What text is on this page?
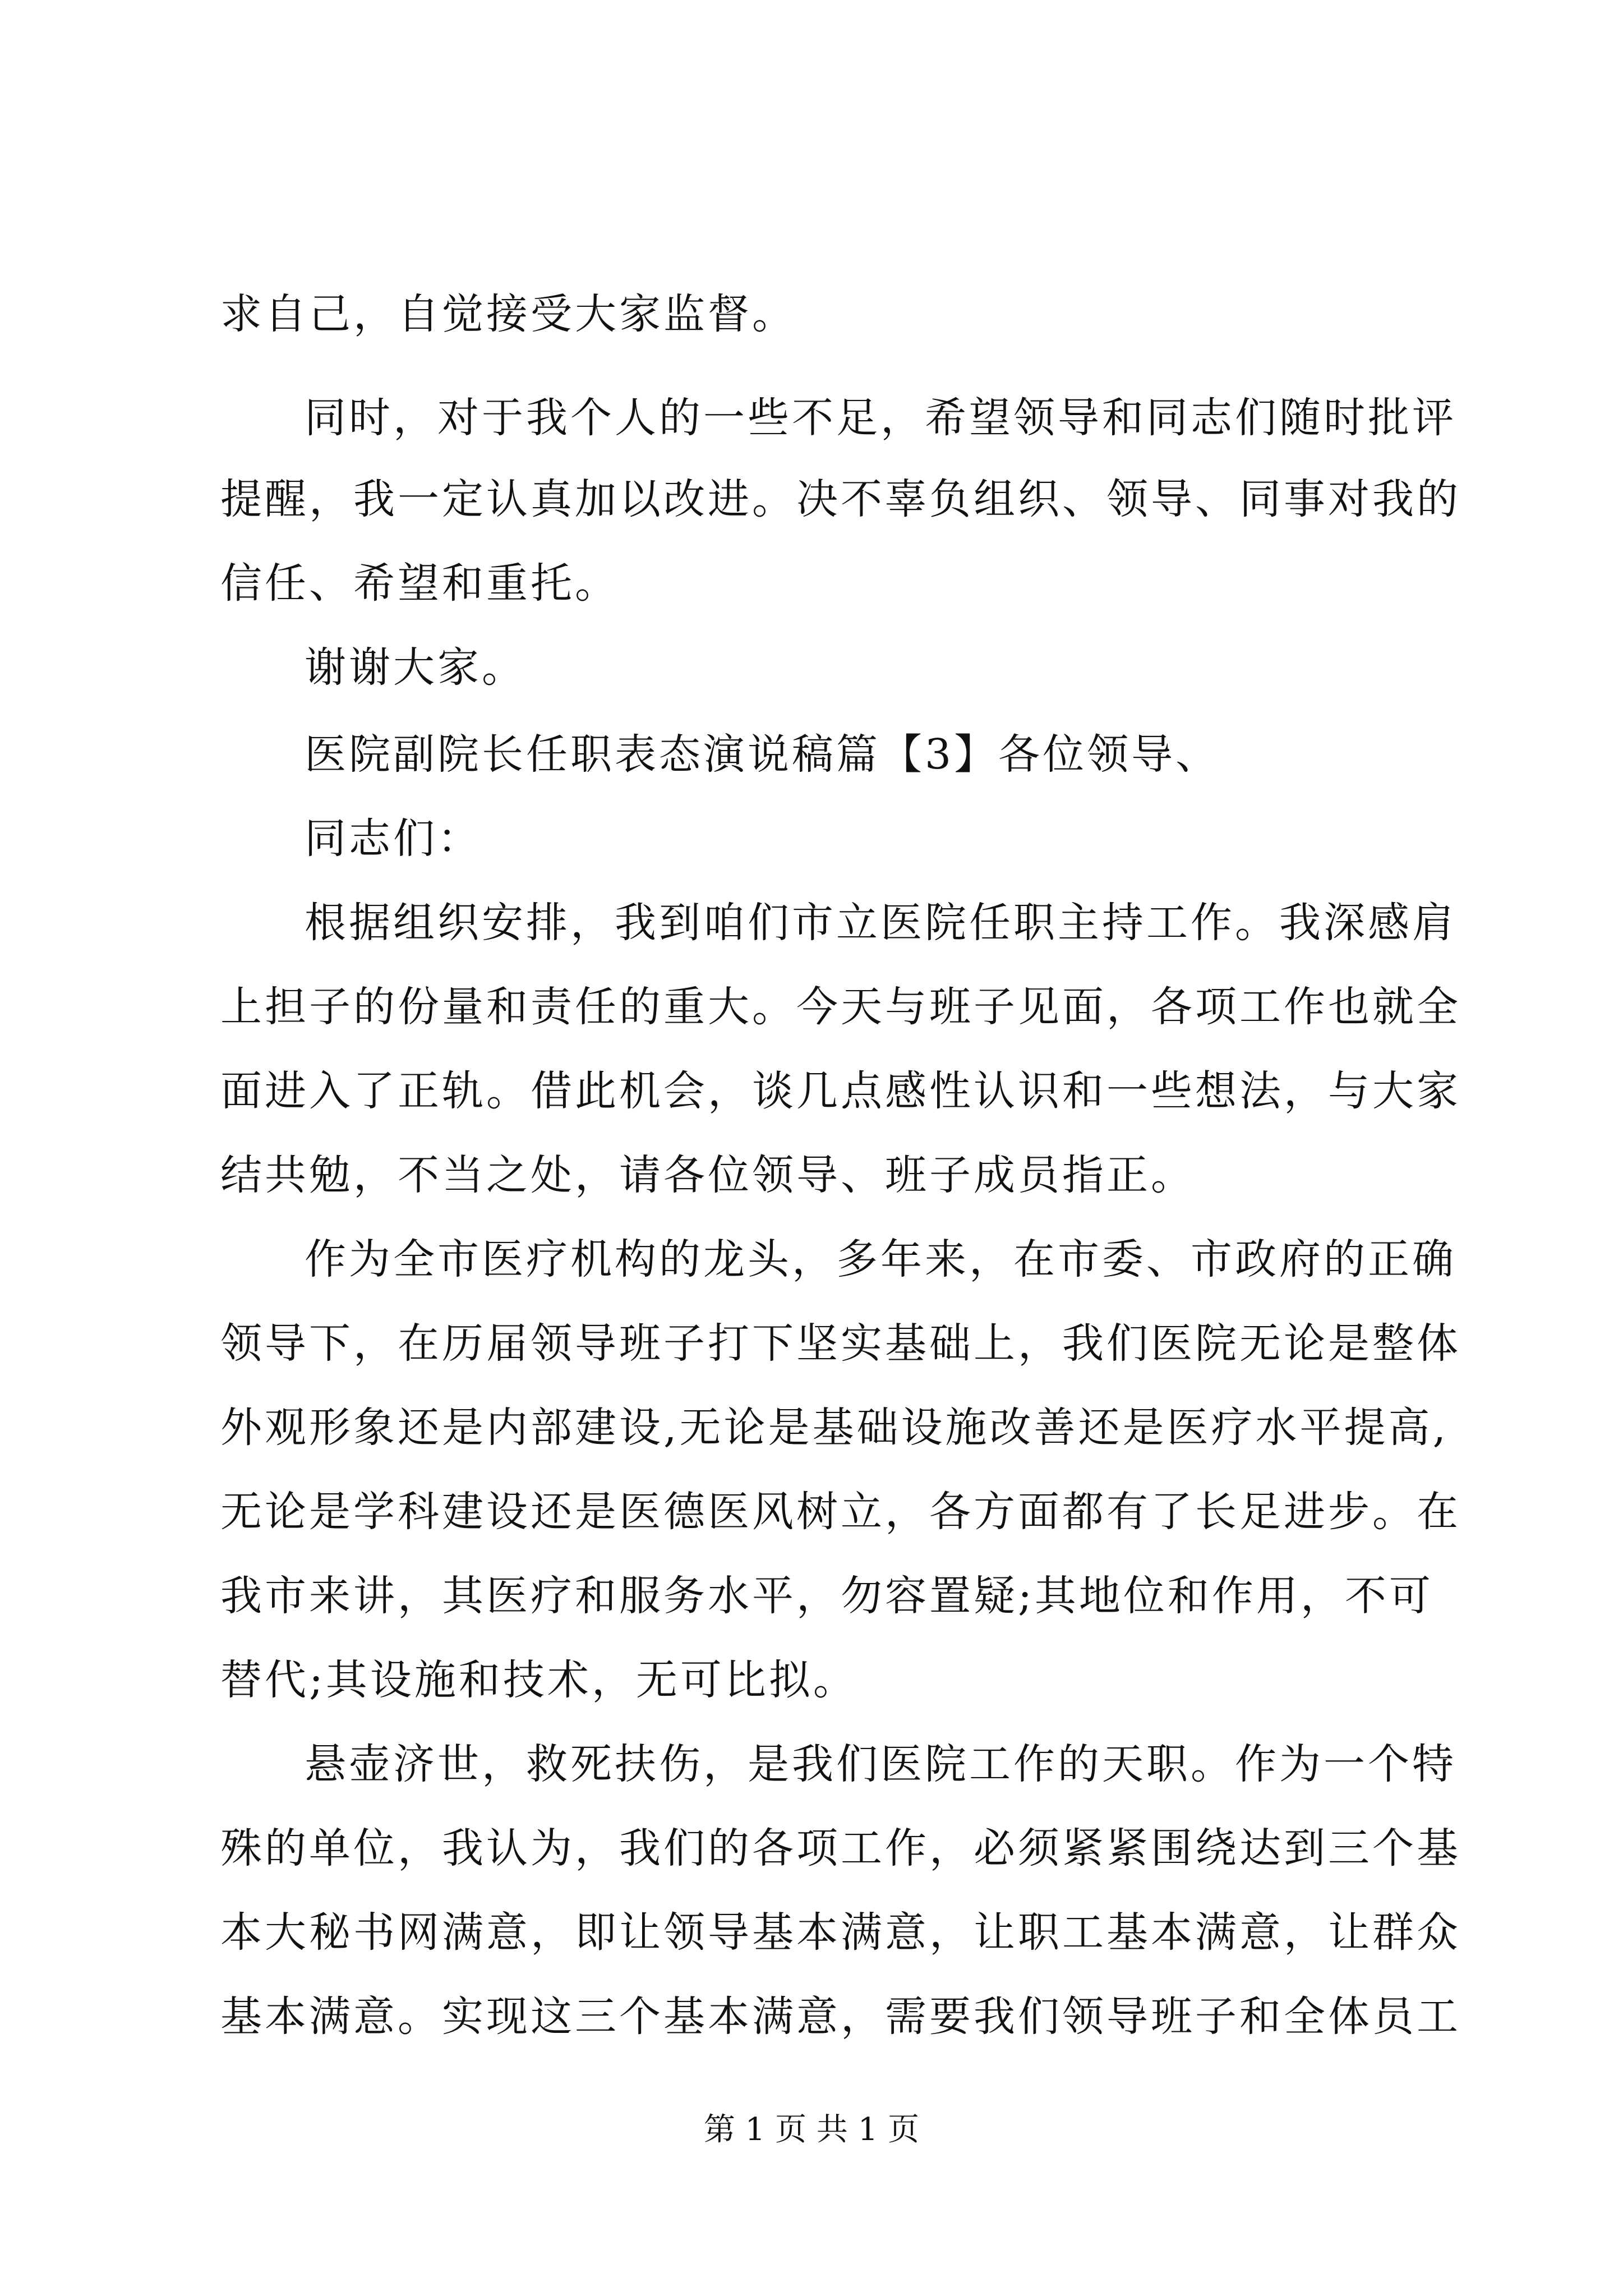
求自己，自觉接受大家监督。
同时，对于我个人的一些不足，希望领导和同志们随时批评
提醒，我一定认真加以改进。决不辜负组织、领导、同事对我的
信任、希望和重托。
谢谢大家。
医院副院长任职表态演说稿篇【3】各位领导、
同志们：
根据组织安排，我到咱们市立医院任职主持工作。我深感肩
上担子的份量和责任的重大。今天与班子见面，各项工作也就全
面进入了正轨。借此机会，谈几点感性认识和一些想法，与大家
结共勉，不当之处，请各位领导、班子成员指正。
作为全市医疗机构的龙头，多年来，在市委、市政府的正确
领导下，在历届领导班子打下坚实基础上，我们医院无论是整体
外观形象还是内部建设,无论是基础设施改善还是医疗水平提高,
无论是学科建设还是医德医风树立，各方面都有了长足进步。在
我市来讲，其医疗和服务水平，勿容置疑;其地位和作用，不可
替代;其设施和技术，无可比拟。
悬壶济世，救死扶伤，是我们医院工作的天职。作为一个特
殊的单位，我认为，我们的各项工作，必须紧紧围绕达到三个基
本大秘书网满意，即让领导基本满意，让职工基本满意，让群众
基本满意。实现这三个基本满意，需要我们领导班子和全体员工
第 1 页 共 1 页
